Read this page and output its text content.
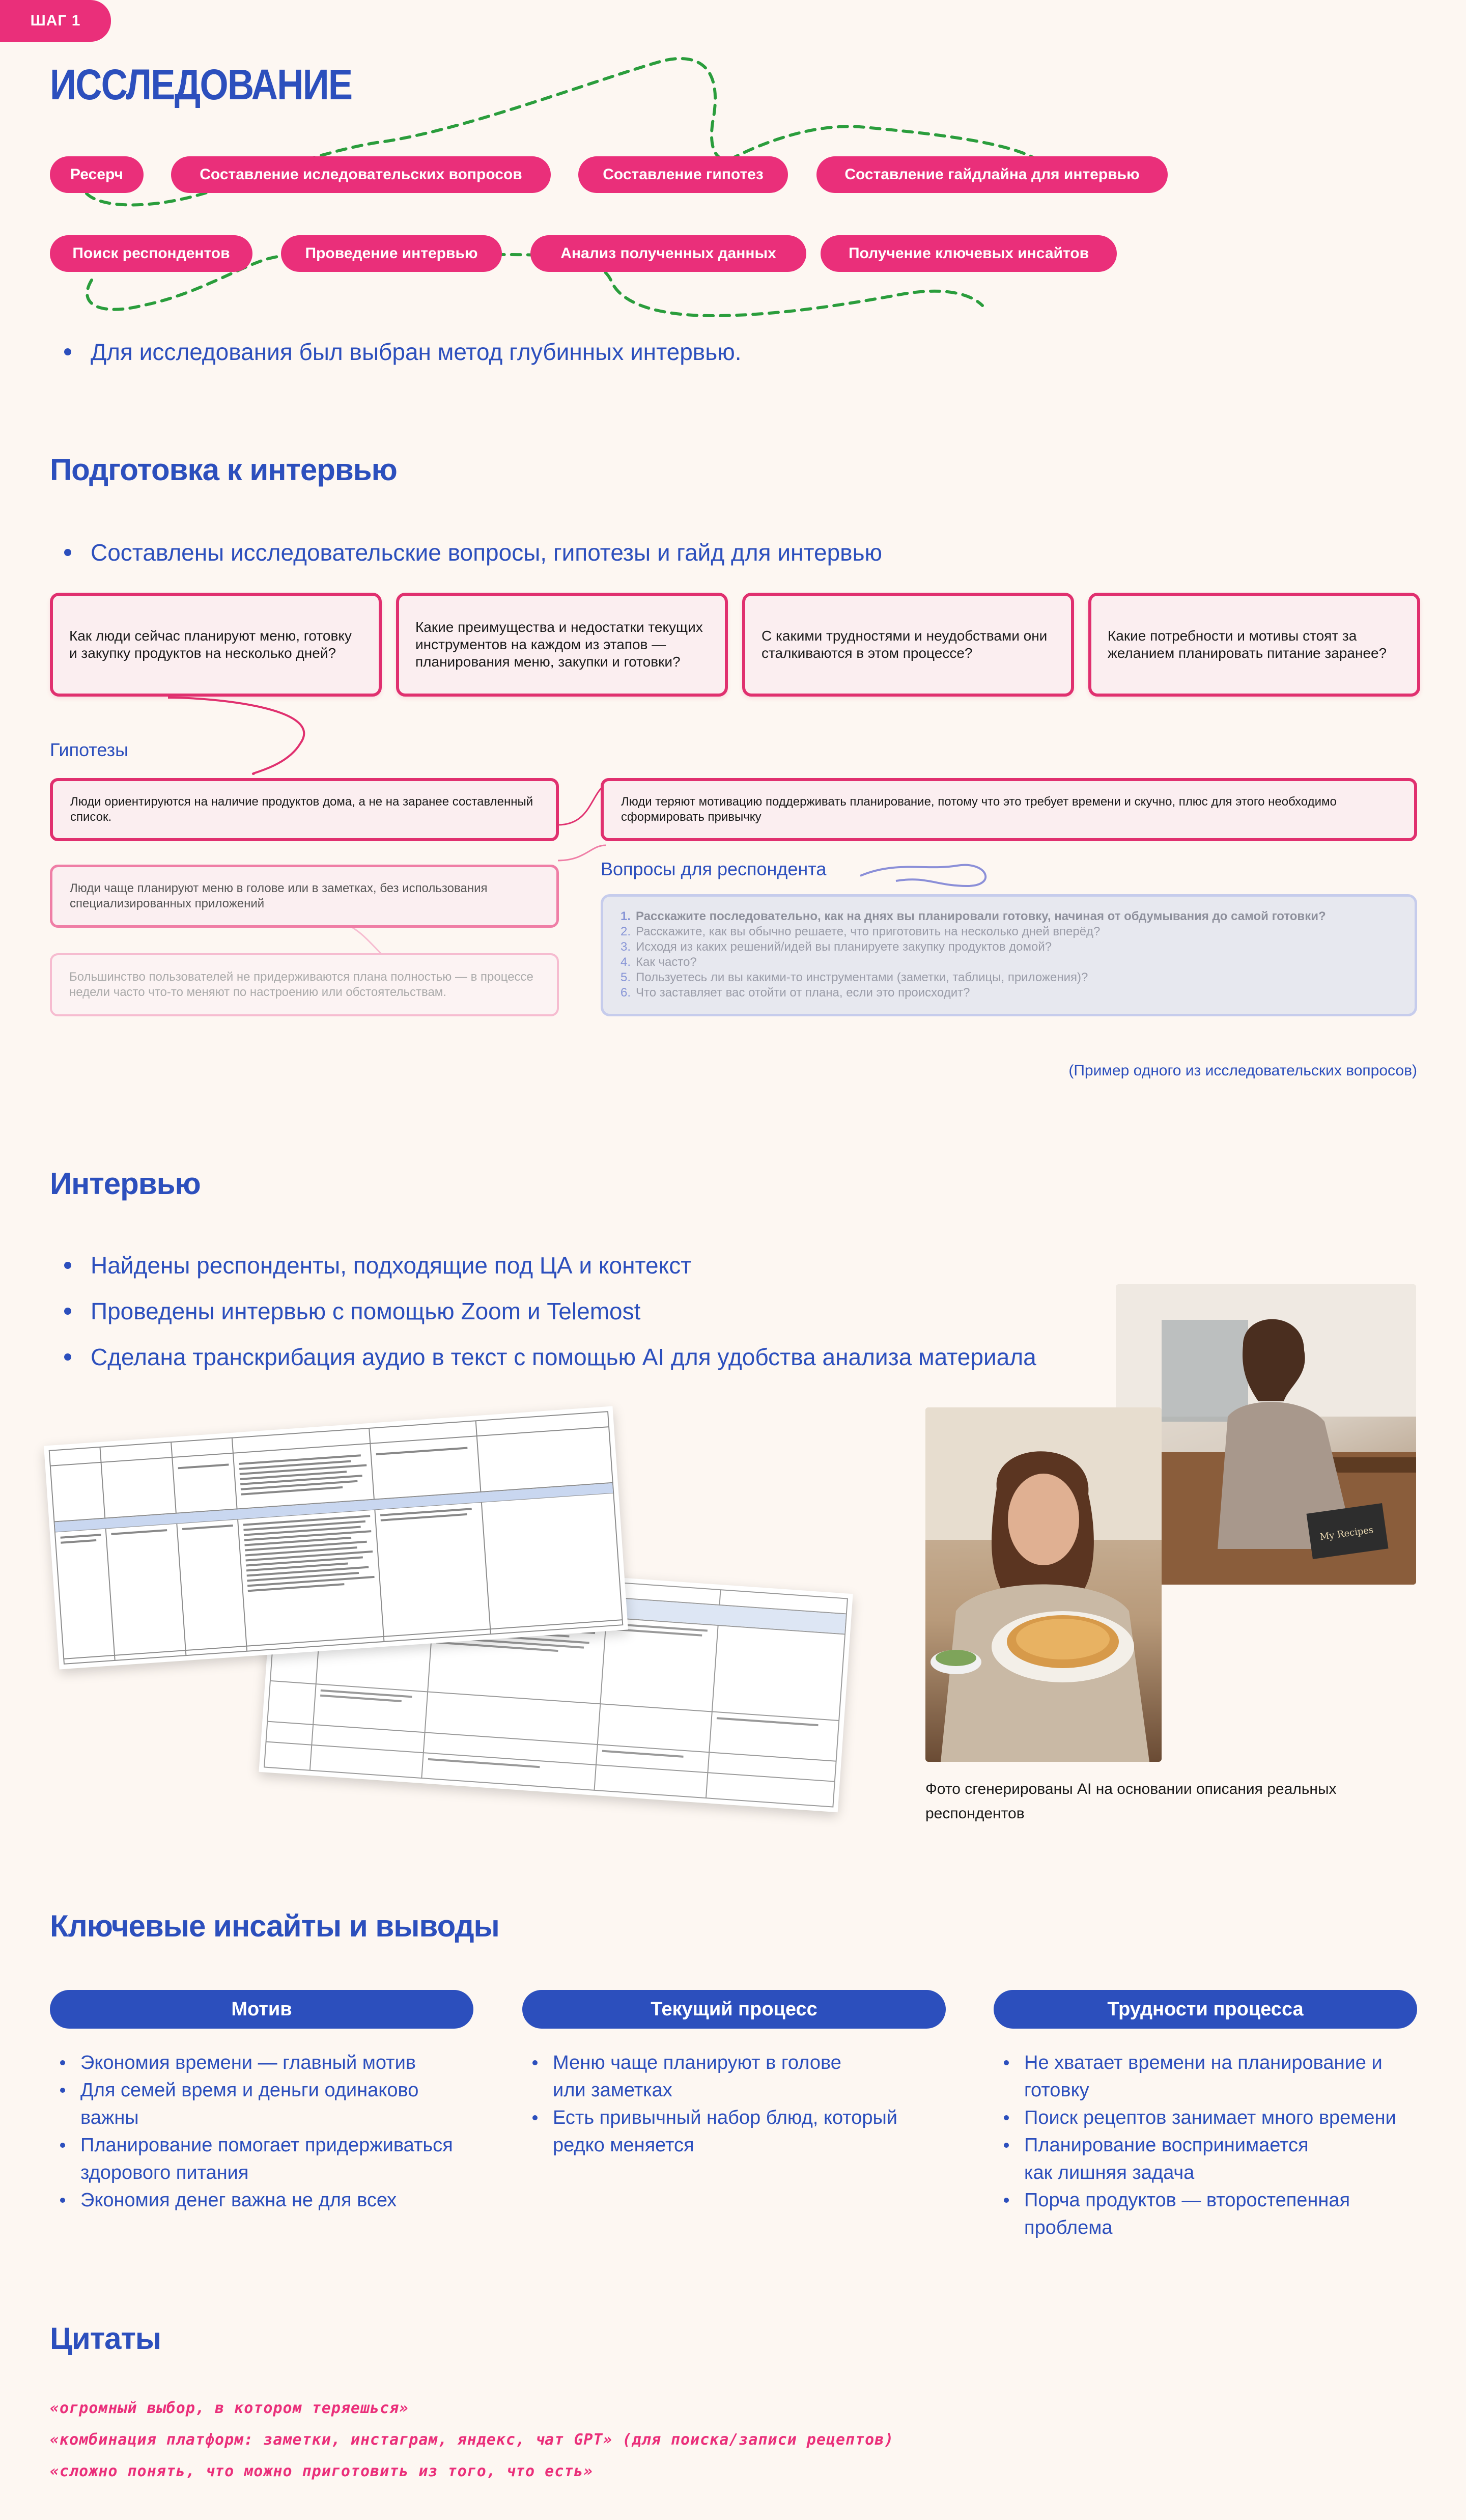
ШАГ 1
ИССЛЕДОВАНИЕ
Ресерч	Составление иследовательских вопросов	Составление гипотез	Составление гайдлайна для интервью
Поиск респондентов	Проведение интервью	Анализ полученных данных	Получение ключевых инсайтов
Для исследования был выбран метод глубинных интервью.
Подготовка к интервью
Составлены исследовательские вопросы, гипотезы и гайд для интервью
Как люди сейчас планируют меню, готовку и закупку продуктов на несколько дней?
Какие преимущества и недостатки текущих инструментов на каждом из этапов — планирования меню, закупки и готовки?
С какими трудностями и неудобствами они сталкиваются в этом процессе?
Какие потребности и мотивы стоят за желанием планировать питание заранее?
Гипотезы
Люди ориентируются на наличие продуктов дома, а не на заранее составленный список.
Люди чаще планируют меню в голове или в заметках, без использования специализированных приложений
Большинство пользователей не придерживаются плана полностью — в процессе недели часто что-то меняют по настроению или обстоятельствам.
Люди теряют мотивацию поддерживать планирование, потому что это требует времени и скучно, плюс для этого необходимо сформировать привычку
Вопросы для респондента
1. Расскажите последовательно, как на днях вы планировали готовку, начиная от обдумывания до самой готовки?
2. Расскажите, как вы обычно решаете, что приготовить на несколько дней вперёд?
3. Исходя из каких решений/идей вы планируете закупку продуктов домой?
4. Как часто?
5. Пользуетесь ли вы какими-то инструментами (заметки, таблицы, приложения)?
6. Что заставляет вас отойти от плана, если это происходит?
(Пример одного из исследовательских вопросов)
Интервью
Найдены респонденты, подходящие под ЦА и контекст
Проведены интервью с помощью Zoom и Telemost
Сделана транскрибация аудио в текст с помощью AI для удобства анализа материала
My Recipes
Фото сгенерированы AI на основании описания реальных респондентов
Ключевые инсайты и выводы
Мотив	Текущий процесс	Трудности процесса
Экономия времени — главный мотив
Для семей время и деньги одинаково важны
Планирование помогает придерживаться здорового питания
Экономия денег важна не для всех
Меню чаще планируют в голове или заметках
Есть привычный набор блюд, который редко меняется
Не хватает времени на планирование и готовку
Поиск рецептов занимает много времени
Планирование воспринимается как лишняя задача
Порча продуктов — второстепенная проблема
Цитаты
«огромный выбор, в котором теряешься»
«комбинация платформ: заметки, инстаграм, яндекс, чат GPT» (для поиска/записи рецептов)
«сложно понять, что можно приготовить из того, что есть»
